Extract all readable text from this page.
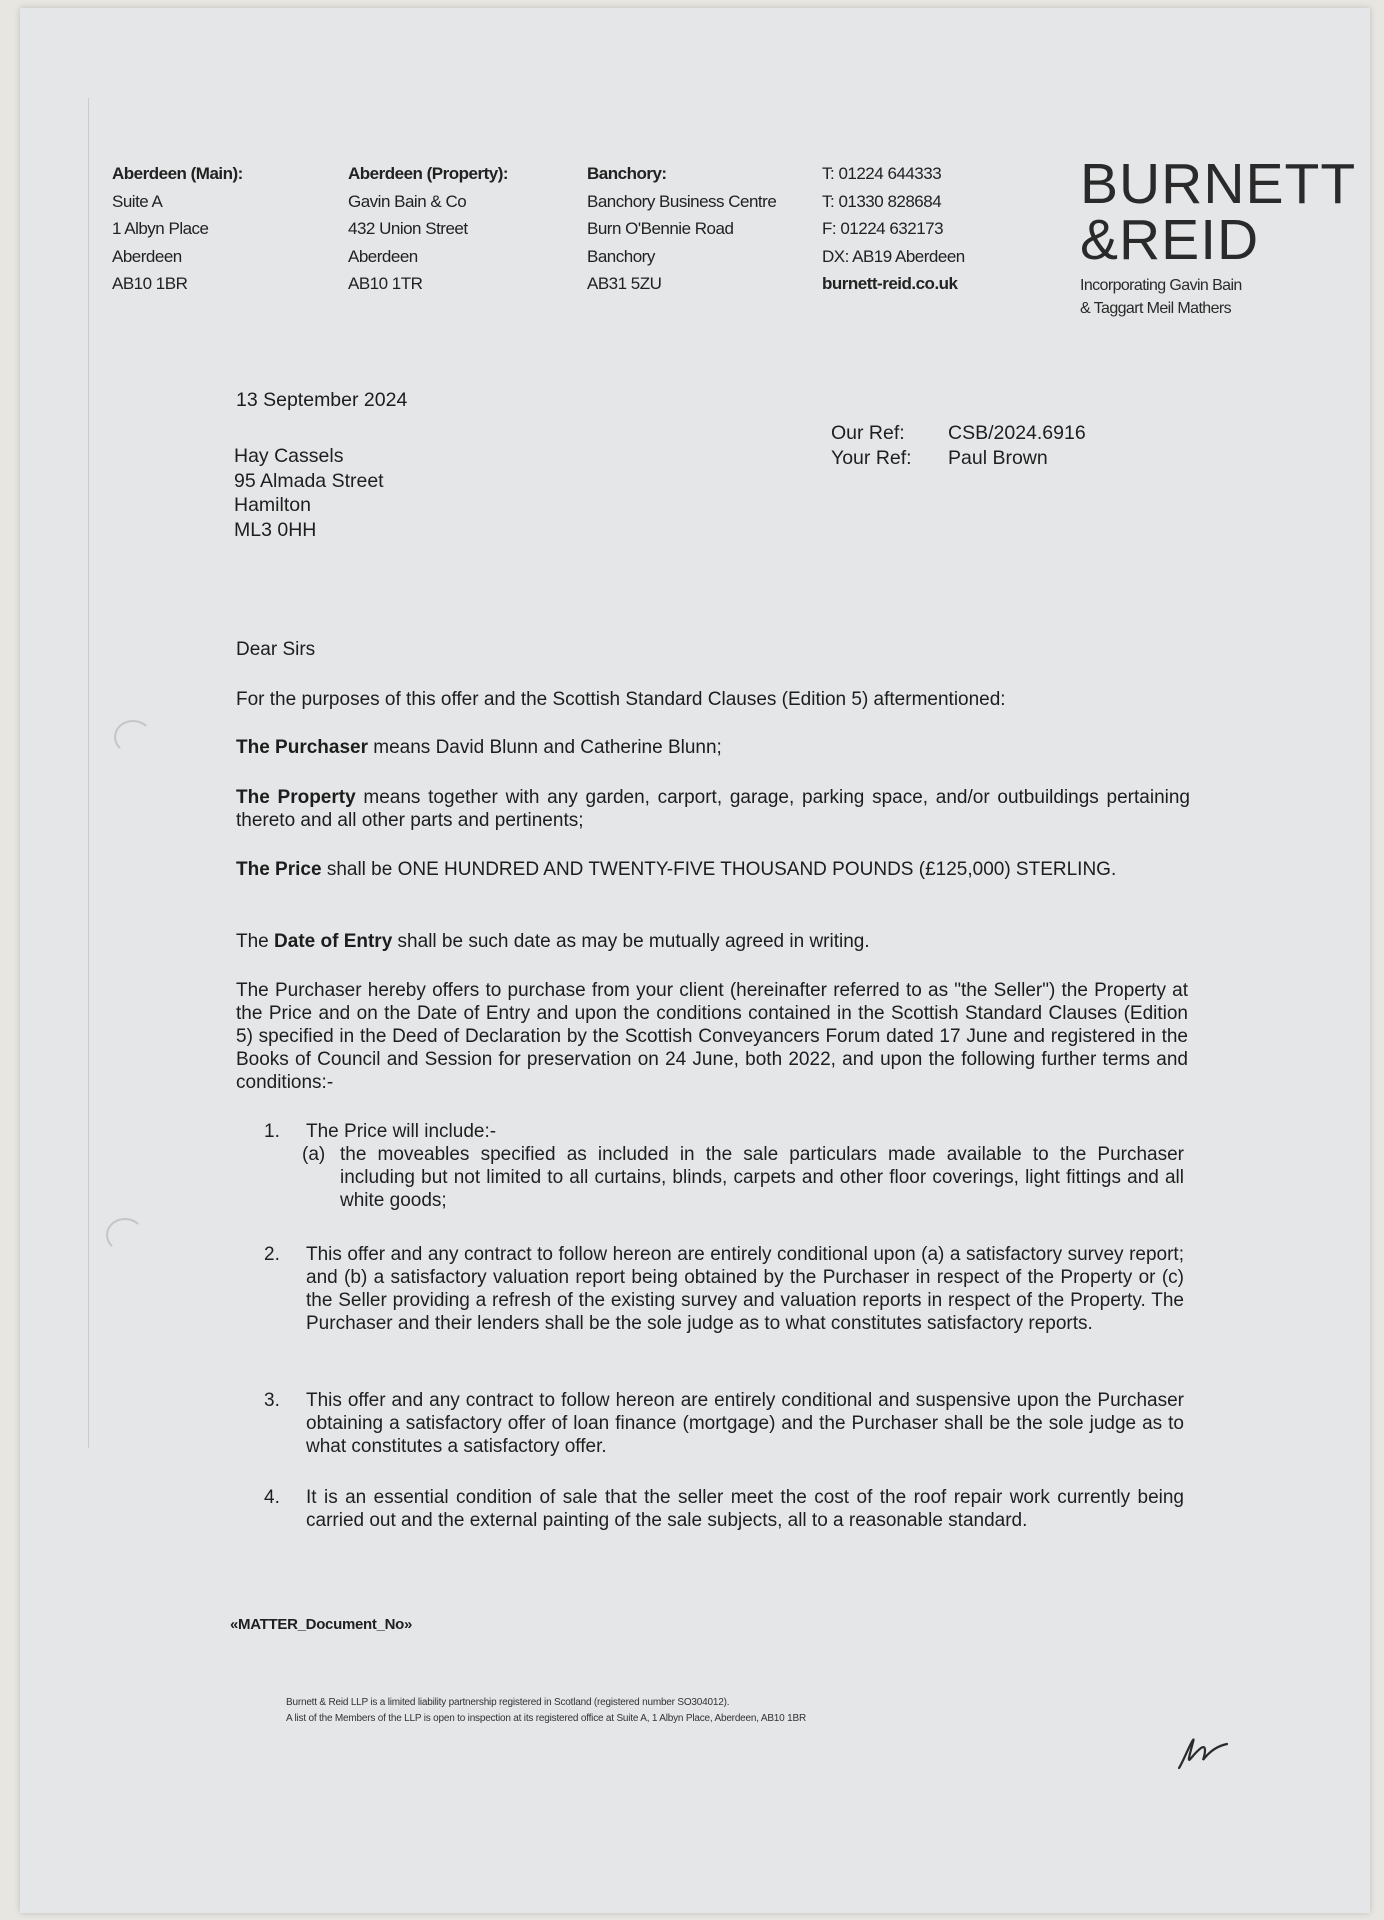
Aberdeen (Main):
Suite A
1 Albyn Place
Aberdeen
AB10 1BR
Aberdeen (Property):
Gavin Bain & Co
432 Union Street
Aberdeen
AB10 1TR
Banchory:
Banchory Business Centre
Burn O'Bennie Road
Banchory
AB31 5ZU
T: 01224 644333
T: 01330 828684
F: 01224 632173
DX: AB19 Aberdeen
burnett-reid.co.uk
BURNETT
&REID
Incorporating Gavin Bain
& Taggart Meil Mathers
13 September 2024
Our Ref: CSB/2024.6916
Your Ref: Paul Brown
Hay Cassels
95 Almada Street
Hamilton
ML3 0HH
Dear Sirs
For the purposes of this offer and the Scottish Standard Clauses (Edition 5) aftermentioned:
The Purchaser means David Blunn and Catherine Blunn;
The Property means together with any garden, carport, garage, parking space, and/or outbuildings pertaining thereto and all other parts and pertinents;
The Price shall be ONE HUNDRED AND TWENTY-FIVE THOUSAND POUNDS (£125,000) STERLING.
The Date of Entry shall be such date as may be mutually agreed in writing.
The Purchaser hereby offers to purchase from your client (hereinafter referred to as "the Seller") the Property at the Price and on the Date of Entry and upon the conditions contained in the Scottish Standard Clauses (Edition 5) specified in the Deed of Declaration by the Scottish Conveyancers Forum dated 17 June and registered in the Books of Council and Session for preservation on 24 June, both 2022, and upon the following further terms and conditions:-
1.	The Price will include:-
(a) the moveables specified as included in the sale particulars made available to the Purchaser including but not limited to all curtains, blinds, carpets and other floor coverings, light fittings and all white goods;
2.	This offer and any contract to follow hereon are entirely conditional upon (a) a satisfactory survey report; and (b) a satisfactory valuation report being obtained by the Purchaser in respect of the Property or (c) the Seller providing a refresh of the existing survey and valuation reports in respect of the Property. The Purchaser and their lenders shall be the sole judge as to what constitutes satisfactory reports.
3.	This offer and any contract to follow hereon are entirely conditional and suspensive upon the Purchaser obtaining a satisfactory offer of loan finance (mortgage) and the Purchaser shall be the sole judge as to what constitutes a satisfactory offer.
4.	It is an essential condition of sale that the seller meet the cost of the roof repair work currently being carried out and the external painting of the sale subjects, all to a reasonable standard.
«MATTER_Document_No»
Burnett & Reid LLP is a limited liability partnership registered in Scotland (registered number SO304012).
A list of the Members of the LLP is open to inspection at its registered office at Suite A, 1 Albyn Place, Aberdeen, AB10 1BR
